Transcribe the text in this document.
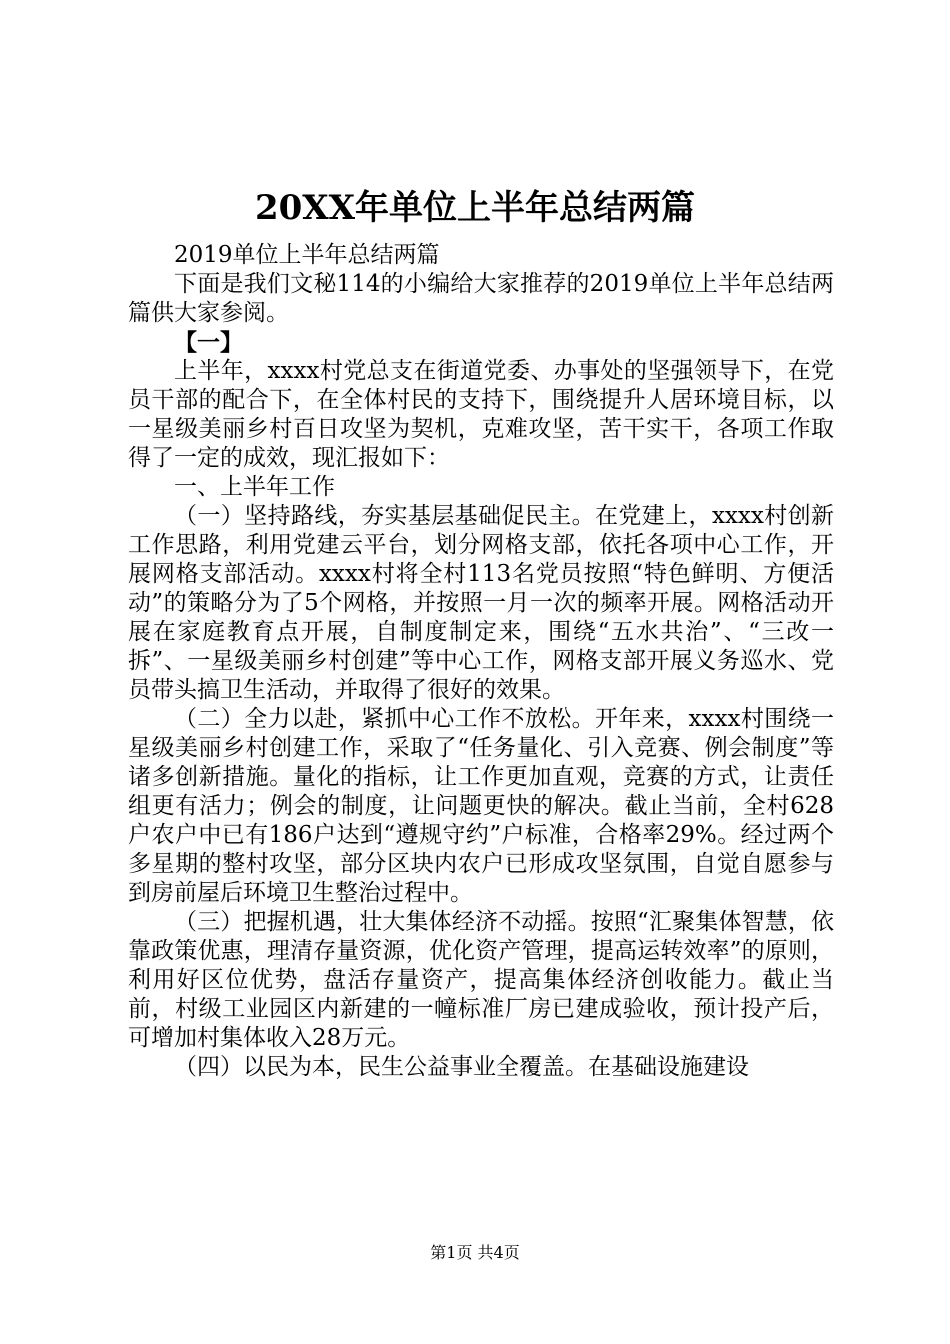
20XX年单位上半年总结两篇

2019单位上半年总结两篇

下面是我们文秘114的小编给大家推荐的2019单位上半年总结两篇供大家参阅。

【一】

上半年，xxxx村党总支在街道党委、办事处的坚强领导下，在党员干部的配合下，在全体村民的支持下，围绕提升人居环境目标，以一星级美丽乡村百日攻坚为契机，克难攻坚，苦干实干，各项工作取得了一定的成效，现汇报如下：

一、上半年工作

（一）坚持路线，夯实基层基础促民主。在党建上，xxxx村创新工作思路，利用党建云平台，划分网格支部，依托各项中心工作，开展网格支部活动。xxxx村将全村113名党员按照“特色鲜明、方便活动”的策略分为了5个网格，并按照一月一次的频率开展。网格活动开展在家庭教育点开展，自制度制定来，围绕“五水共治”、“三改一拆”、一星级美丽乡村创建”等中心工作，网格支部开展义务巡水、党员带头搞卫生活动，并取得了很好的效果。

（二）全力以赴，紧抓中心工作不放松。开年来，xxxx村围绕一星级美丽乡村创建工作，采取了“任务量化、引入竞赛、例会制度”等诸多创新措施。量化的指标，让工作更加直观，竞赛的方式，让责任组更有活力；例会的制度，让问题更快的解决。截止当前，全村628户农户中已有186户达到“遵规守约”户标准，合格率29%。经过两个多星期的整村攻坚，部分区块内农户已形成攻坚氛围，自觉自愿参与到房前屋后环境卫生整治过程中。

（三）把握机遇，壮大集体经济不动摇。按照“汇聚集体智慧，依靠政策优惠，理清存量资源，优化资产管理，提高运转效率”的原则，利用好区位优势，盘活存量资产，提高集体经济创收能力。截止当前，村级工业园区内新建的一幢标准厂房已建成验收，预计投产后，可增加村集体收入28万元。

（四）以民为本，民生公益事业全覆盖。在基础设施建设

第1页 共4页
